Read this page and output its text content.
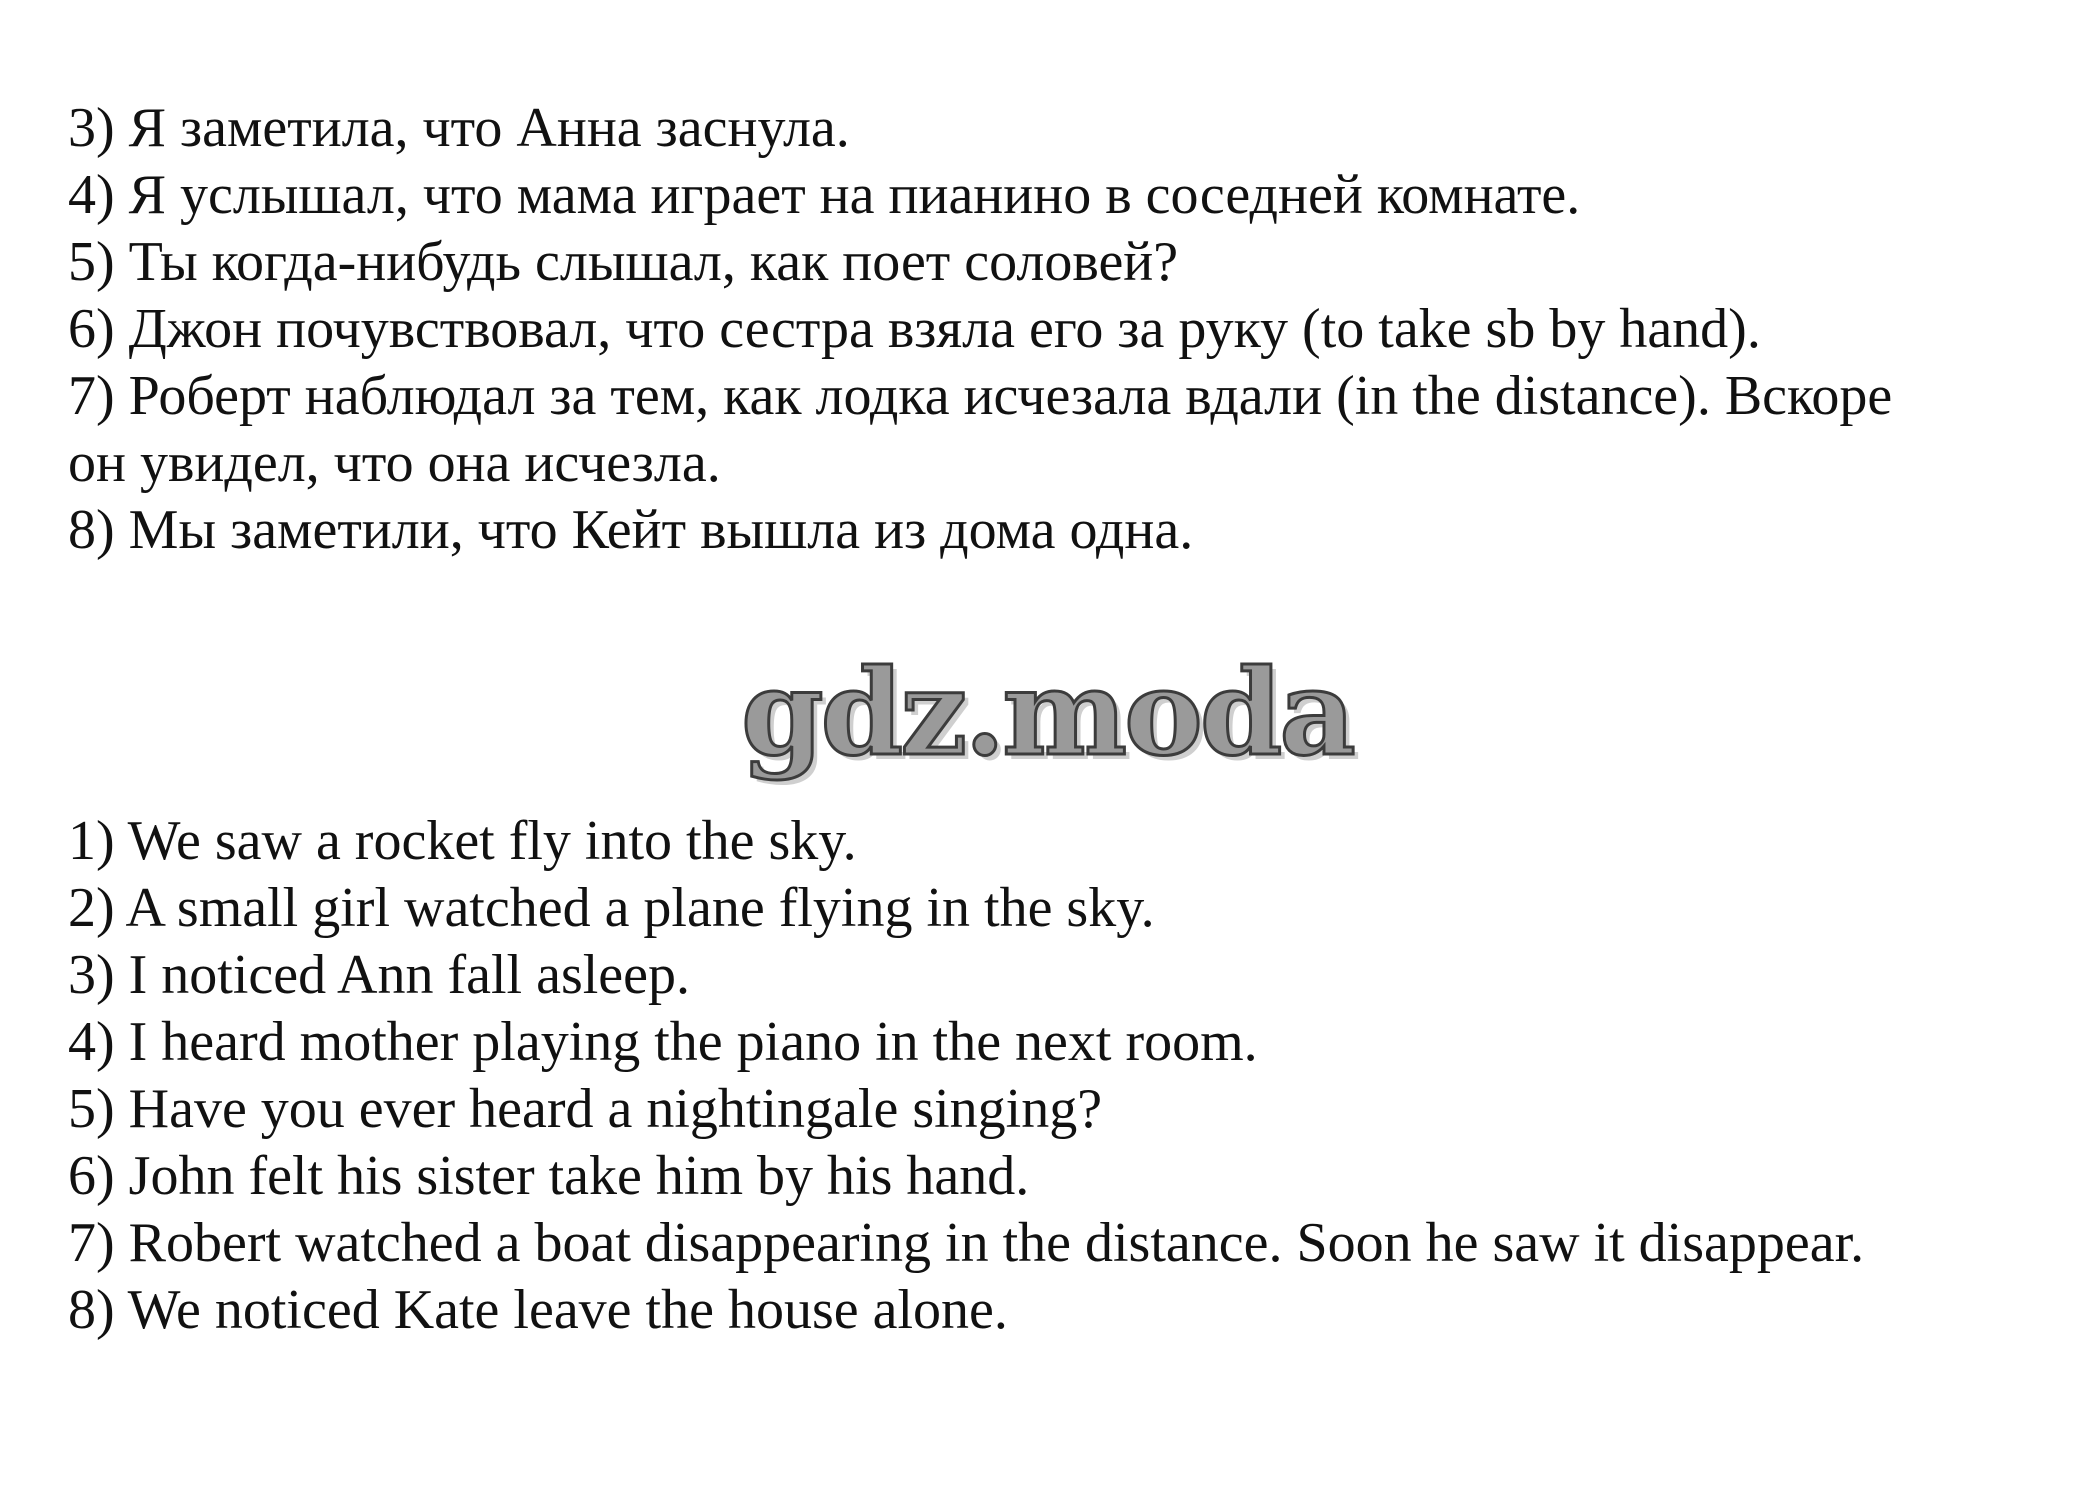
3) Я заметила, что Анна заснула.
4) Я услышал, что мама играет на пианино в соседней комнате.
5) Ты когда-нибудь слышал, как поет соловей?
6) Джон почувствовал, что сестра взяла его за руку (to take sb by hand).
7) Роберт наблюдал за тем, как лодка исчезала вдали (in the distance). Вскоре
он увидел, что она исчезла.
8) Мы заметили, что Кейт вышла из дома одна.
gdz.moda
1) We saw a rocket fly into the sky.
2) A small girl watched a plane flying in the sky.
3) I noticed Ann fall asleep.
4) I heard mother playing the piano in the next room.
5) Have you ever heard a nightingale singing?
6) John felt his sister take him by his hand.
7) Robert watched a boat disappearing in the distance. Soon he saw it disappear.
8) We noticed Kate leave the house alone.
